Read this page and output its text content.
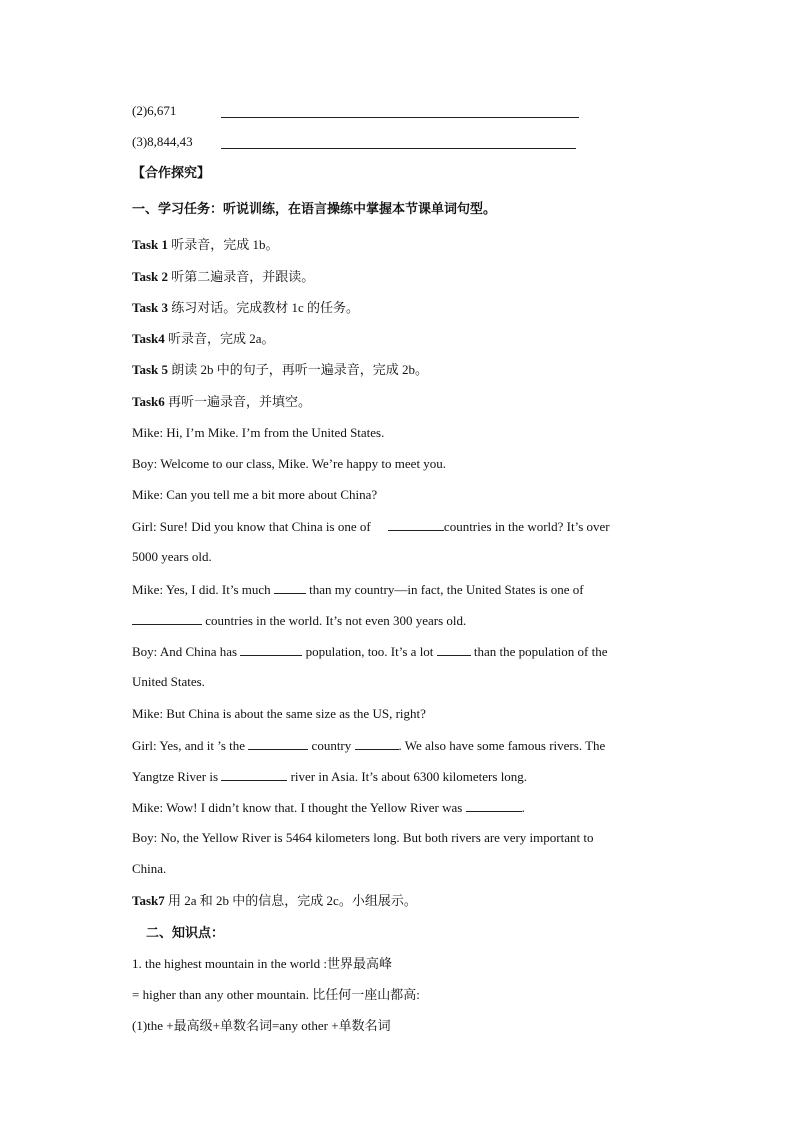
(2)6,671
(3)8,844,43
【合作探究】
一、学习任务：听说训练，在语言操练中掌握本节课单词句型。
Task 1 听录音，完成 1b。
Task 2 听第二遍录音，并跟读。
Task 3 练习对话。完成教材 1c 的任务。
Task4 听录音，完成 2a。
Task 5 朗读 2b 中的句子，再听一遍录音，完成 2b。
Task6 再听一遍录音，并填空。
Mike: Hi, I’m Mike. I’m from the United States.
Boy: Welcome to our class, Mike. We’re happy to meet you.
Mike: Can you tell me a bit more about China?
Girl: Sure! Did you know that China is one of	countries in the world? It’s over
5000 years old.
Mike: Yes, I did. It’s much  than my country—in fact, the United States is one of
countries in the world. It’s not even 300 years old.
Boy: And China has	population, too. It’s a lot	than the population of the
United States.
Mike: But China is about the same size as the US, right?
Girl: Yes, and it ’s the	country	. We also have some famous rivers. The
Yangtze River is	river in Asia. It’s about 6300 kilometers long.
Mike: Wow! I didn’t know that. I thought the Yellow River was	.
Boy: No, the Yellow River is 5464 kilometers long. But both rivers are very important to
China.
Task7 用 2a 和 2b 中的信息，完成 2c。小组展示。
二、知识点：
1. the highest mountain in the world :世界最高峰
= higher than any other mountain. 比任何一座山都高:
(1)the +最高级+单数名词=any other +单数名词
